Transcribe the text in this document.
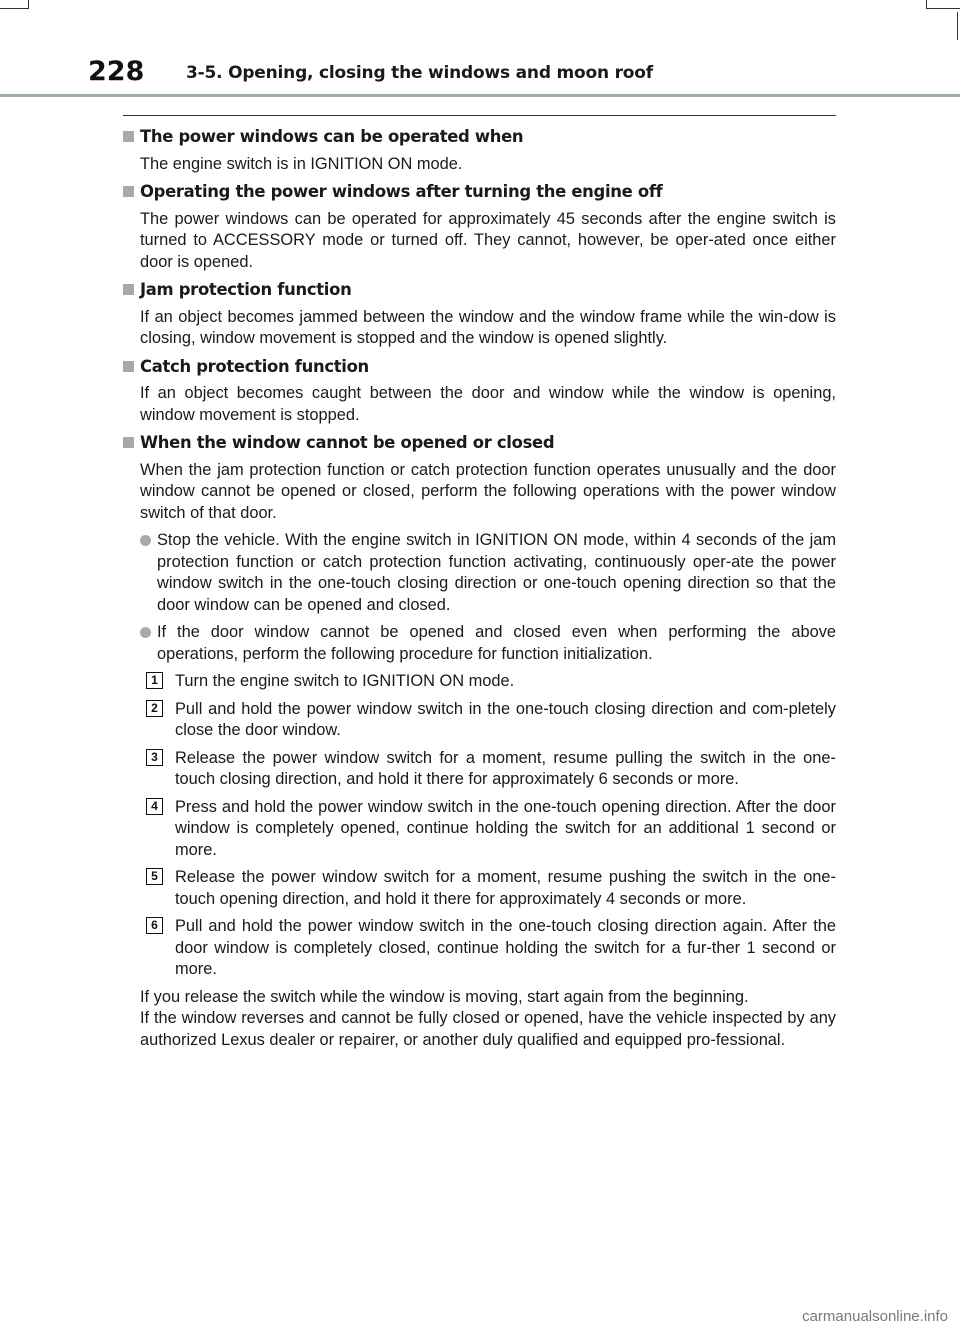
228 3-5. Opening, closing the windows and moon roof
The power windows can be operated when
The engine switch is in IGNITION ON mode.
Operating the power windows after turning the engine off
The power windows can be operated for approximately 45 seconds after the engine switch is turned to ACCESSORY mode or turned off. They cannot, however, be oper-ated once either door is opened.
Jam protection function
If an object becomes jammed between the window and the window frame while the win-dow is closing, window movement is stopped and the window is opened slightly.
Catch protection function
If an object becomes caught between the door and window while the window is opening, window movement is stopped.
When the window cannot be opened or closed
When the jam protection function or catch protection function operates unusually and the door window cannot be opened or closed, perform the following operations with the power window switch of that door.
Stop the vehicle. With the engine switch in IGNITION ON mode, within 4 seconds of the jam protection function or catch protection function activating, continuously oper-ate the power window switch in the one-touch closing direction or one-touch opening direction so that the door window can be opened and closed.
If the door window cannot be opened and closed even when performing the above operations, perform the following procedure for function initialization.
1	Turn the engine switch to IGNITION ON mode.
2	Pull and hold the power window switch in the one-touch closing direction and com-pletely close the door window.
3	Release the power window switch for a moment, resume pulling the switch in the one-touch closing direction, and hold it there for approximately 6 seconds or more.
4	Press and hold the power window switch in the one-touch opening direction. After the door window is completely opened, continue holding the switch for an additional 1 second or more.
5	Release the power window switch for a moment, resume pushing the switch in the one-touch opening direction, and hold it there for approximately 4 seconds or more.
6	Pull and hold the power window switch in the one-touch closing direction again. After the door window is completely closed, continue holding the switch for a fur-ther 1 second or more.
If you release the switch while the window is moving, start again from the beginning.
If the window reverses and cannot be fully closed or opened, have the vehicle inspected by any authorized Lexus dealer or repairer, or another duly qualified and equipped pro-fessional.
carmanualsonline.info
